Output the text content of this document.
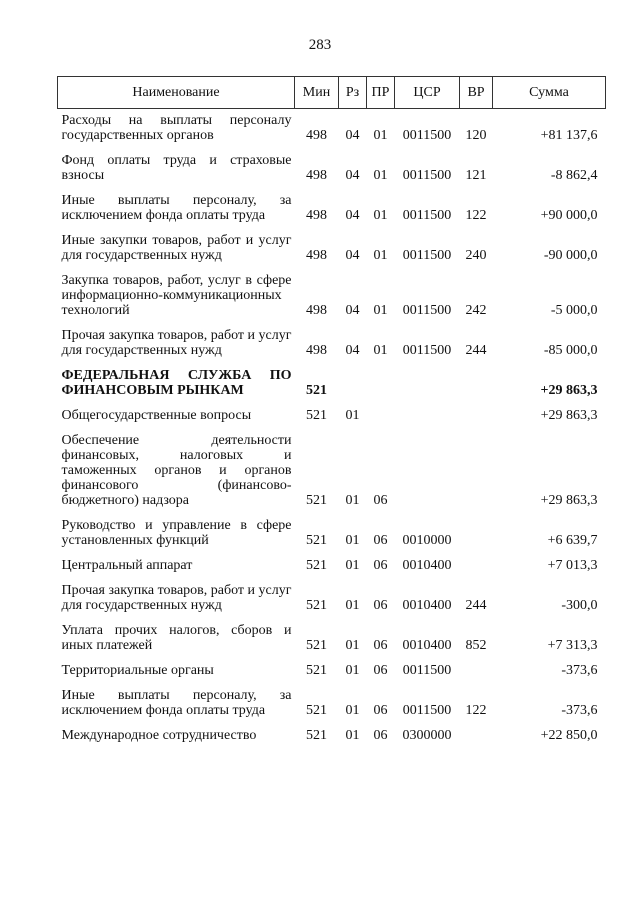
283
Наименование	Мин	Рз	ПР	ЦСР	ВР	Сумма
Расходы на выплаты персоналу государственных органов	498	04	01	0011500	120	+81 137,6
Фонд оплаты труда и страховые взносы	498	04	01	0011500	121	-8 862,4
Иные выплаты персоналу, за исключением фонда оплаты труда	498	04	01	0011500	122	+90 000,0
Иные закупки товаров, работ и услуг для государственных нужд	498	04	01	0011500	240	-90 000,0
Закупка товаров, работ, услуг в сфере информационно-коммуникационных технологий	498	04	01	0011500	242	-5 000,0
Прочая закупка товаров, работ и услуг для государственных нужд	498	04	01	0011500	244	-85 000,0
ФЕДЕРАЛЬНАЯ СЛУЖБА ПО ФИНАНСОВЫМ РЫНКАМ	521					+29 863,3
Общегосударственные вопросы	521	01				+29 863,3
Обеспечение деятельности финансовых, налоговых и таможенных органов и органов финансового (финансово-бюджетного) надзора	521	01	06			+29 863,3
Руководство и управление в сфере установленных функций	521	01	06	0010000		+6 639,7
Центральный аппарат	521	01	06	0010400		+7 013,3
Прочая закупка товаров, работ и услуг для государственных нужд	521	01	06	0010400	244	-300,0
Уплата прочих налогов, сборов и иных платежей	521	01	06	0010400	852	+7 313,3
Территориальные органы	521	01	06	0011500		-373,6
Иные выплаты персоналу, за исключением фонда оплаты труда	521	01	06	0011500	122	-373,6
Международное сотрудничество	521	01	06	0300000		+22 850,0
